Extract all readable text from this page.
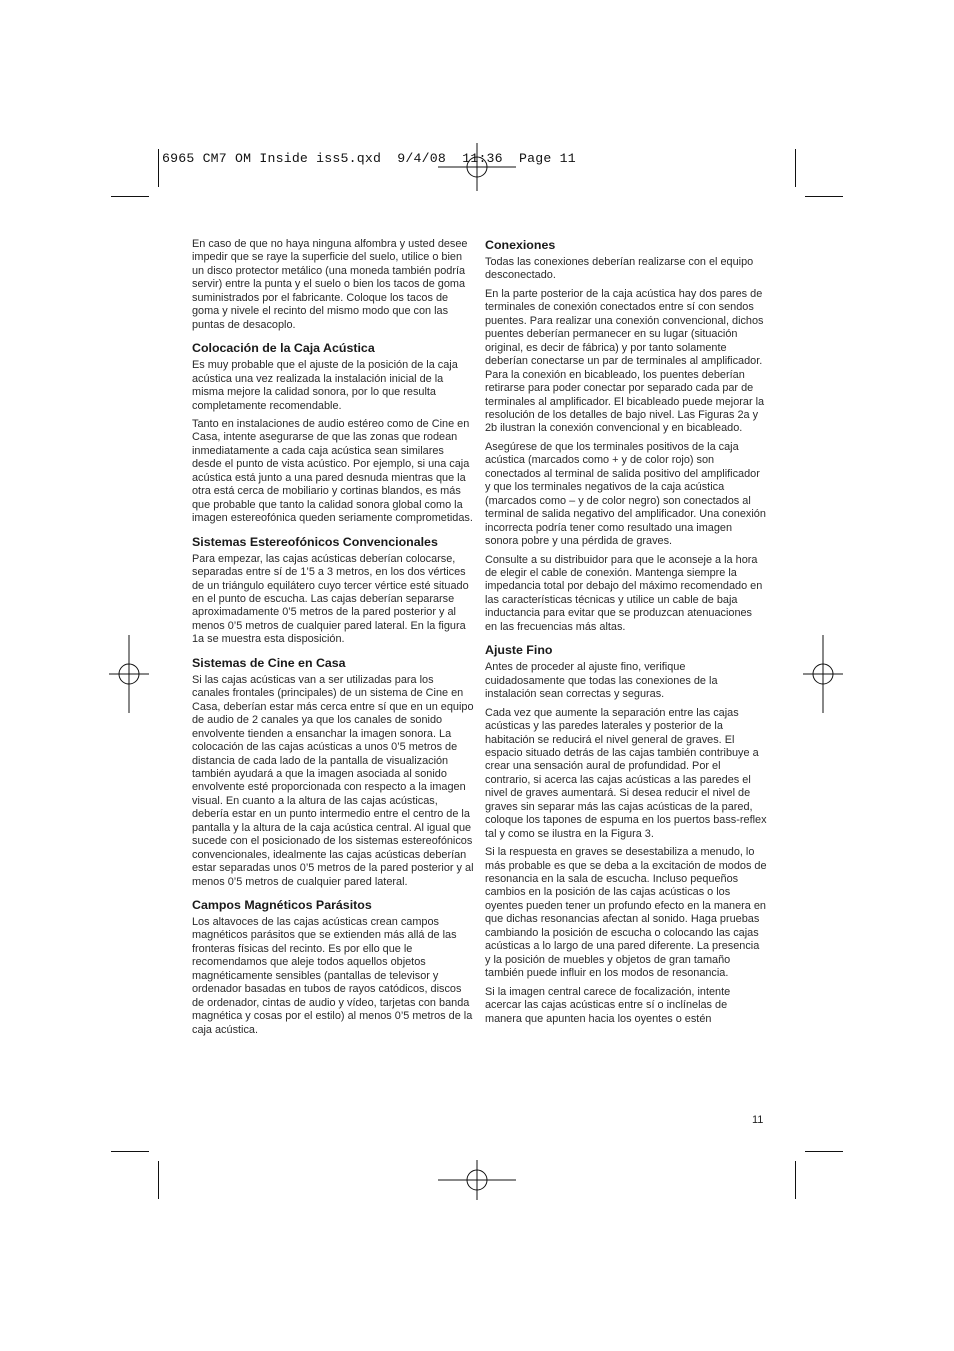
6965 CM7 OM Inside iss5.qxd  9/4/08  11:36  Page 11

En caso de que no haya ninguna alfombra y usted desee impedir que se raye la superficie del suelo, utilice o bien un disco protector metálico (una moneda también podría servir) entre la punta y el suelo o bien los tacos de goma suministrados por el fabricante. Coloque los tacos de goma y nivele el recinto del mismo modo que con las puntas de desacoplo.

Colocación de la Caja Acústica

Es muy probable que el ajuste de la posición de la caja acústica una vez realizada la instalación inicial de la misma mejore la calidad sonora, por lo que resulta completamente recomendable.

Tanto en instalaciones de audio estéreo como de Cine en Casa, intente asegurarse de que las zonas que rodean inmediatamente a cada caja acústica sean similares desde el punto de vista acústico. Por ejemplo, si una caja acústica está junto a una pared desnuda mientras que la otra está cerca de mobiliario y cortinas blandos, es más que probable que tanto la calidad sonora global como la imagen estereofónica queden seriamente comprometidas.

Sistemas Estereofónicos Convencionales

Para empezar, las cajas acústicas deberían colocarse, separadas entre sí de 1’5 a 3 metros, en los dos vértices de un triángulo equilátero cuyo tercer vértice esté situado en el punto de escucha. Las cajas deberían separarse aproximadamente 0’5 metros de la pared posterior y al menos 0’5 metros de cualquier pared lateral. En la figura 1a se muestra esta disposición.

Sistemas de Cine en Casa

Si las cajas acústicas van a ser utilizadas para los canales frontales (principales) de un sistema de Cine en Casa, deberían estar más cerca entre sí que en un equipo de audio de 2 canales ya que los canales de sonido envolvente tienden a ensanchar la imagen sonora. La colocación de las cajas acústicas a unos 0’5 metros de distancia de cada lado de la pantalla de visualización también ayudará a que la imagen asociada al sonido envolvente esté proporcionada con respecto a la imagen visual. En cuanto a la altura de las cajas acústicas, debería estar en un punto intermedio entre el centro de la pantalla y la altura de la caja acústica central. Al igual que sucede con el posicionado de los sistemas estereofónicos convencionales, idealmente las cajas acústicas deberían estar separadas unos 0’5 metros de la pared posterior y al menos 0’5 metros de cualquier pared lateral.

Campos Magnéticos Parásitos

Los altavoces de las cajas acústicas crean campos magnéticos parásitos que se extienden más allá de las fronteras físicas del recinto. Es por ello que le recomendamos que aleje todos aquellos objetos magnéticamente sensibles (pantallas de televisor y ordenador basadas en tubos de rayos catódicos, discos de ordenador, cintas de audio y vídeo, tarjetas con banda magnética y cosas por el estilo) al menos 0’5 metros de la caja acústica.

Conexiones

Todas las conexiones deberían realizarse con el equipo desconectado.

En la parte posterior de la caja acústica hay dos pares de terminales de conexión conectados entre sí con sendos puentes. Para realizar una conexión convencional, dichos puentes deberían permanecer en su lugar (situación original, es decir de fábrica) y por tanto solamente deberían conectarse un par de terminales al amplificador. Para la conexión en bicableado, los puentes deberían retirarse para poder conectar por separado cada par de terminales al amplificador. El bicableado puede mejorar la resolución de los detalles de bajo nivel. Las Figuras 2a y 2b ilustran la conexión convencional y en bicableado.

Asegúrese de que los terminales positivos de la caja acústica (marcados como + y de color rojo) son conectados al terminal de salida positivo del amplificador y que los terminales negativos de la caja acústica (marcados como – y de color negro) son conectados al terminal de salida negativo del amplificador. Una conexión incorrecta podría tener como resultado una imagen sonora pobre y una pérdida de graves.

Consulte a su distribuidor para que le aconseje a la hora de elegir el cable de conexión. Mantenga siempre la impedancia total por debajo del máximo recomendado en las características técnicas y utilice un cable de baja inductancia para evitar que se produzcan atenuaciones en las frecuencias más altas.

Ajuste Fino

Antes de proceder al ajuste fino, verifique cuidadosamente que todas las conexiones de la instalación sean correctas y seguras.

Cada vez que aumente la separación entre las cajas acústicas y las paredes laterales y posterior de la habitación se reducirá el nivel general de graves. El espacio situado detrás de las cajas también contribuye a crear una sensación aural de profundidad. Por el contrario, si acerca las cajas acústicas a las paredes el nivel de graves aumentará. Si desea reducir el nivel de graves sin separar más las cajas acústicas de la pared, coloque los tapones de espuma en los puertos bass-reflex tal y como se ilustra en la Figura 3.

Si la respuesta en graves se desestabiliza a menudo, lo más probable es que se deba a la excitación de modos de resonancia en la sala de escucha. Incluso pequeños cambios en la posición de las cajas acústicas o los oyentes pueden tener un profundo efecto en la manera en que dichas resonancias afectan al sonido. Haga pruebas cambiando la posición de escucha o colocando las cajas acústicas a lo largo de una pared diferente. La presencia y la posición de muebles y objetos de gran tamaño también puede influir en los modos de resonancia.

Si la imagen central carece de focalización, intente acercar las cajas acústicas entre sí o inclínelas de manera que apunten hacia los oyentes o estén

11
